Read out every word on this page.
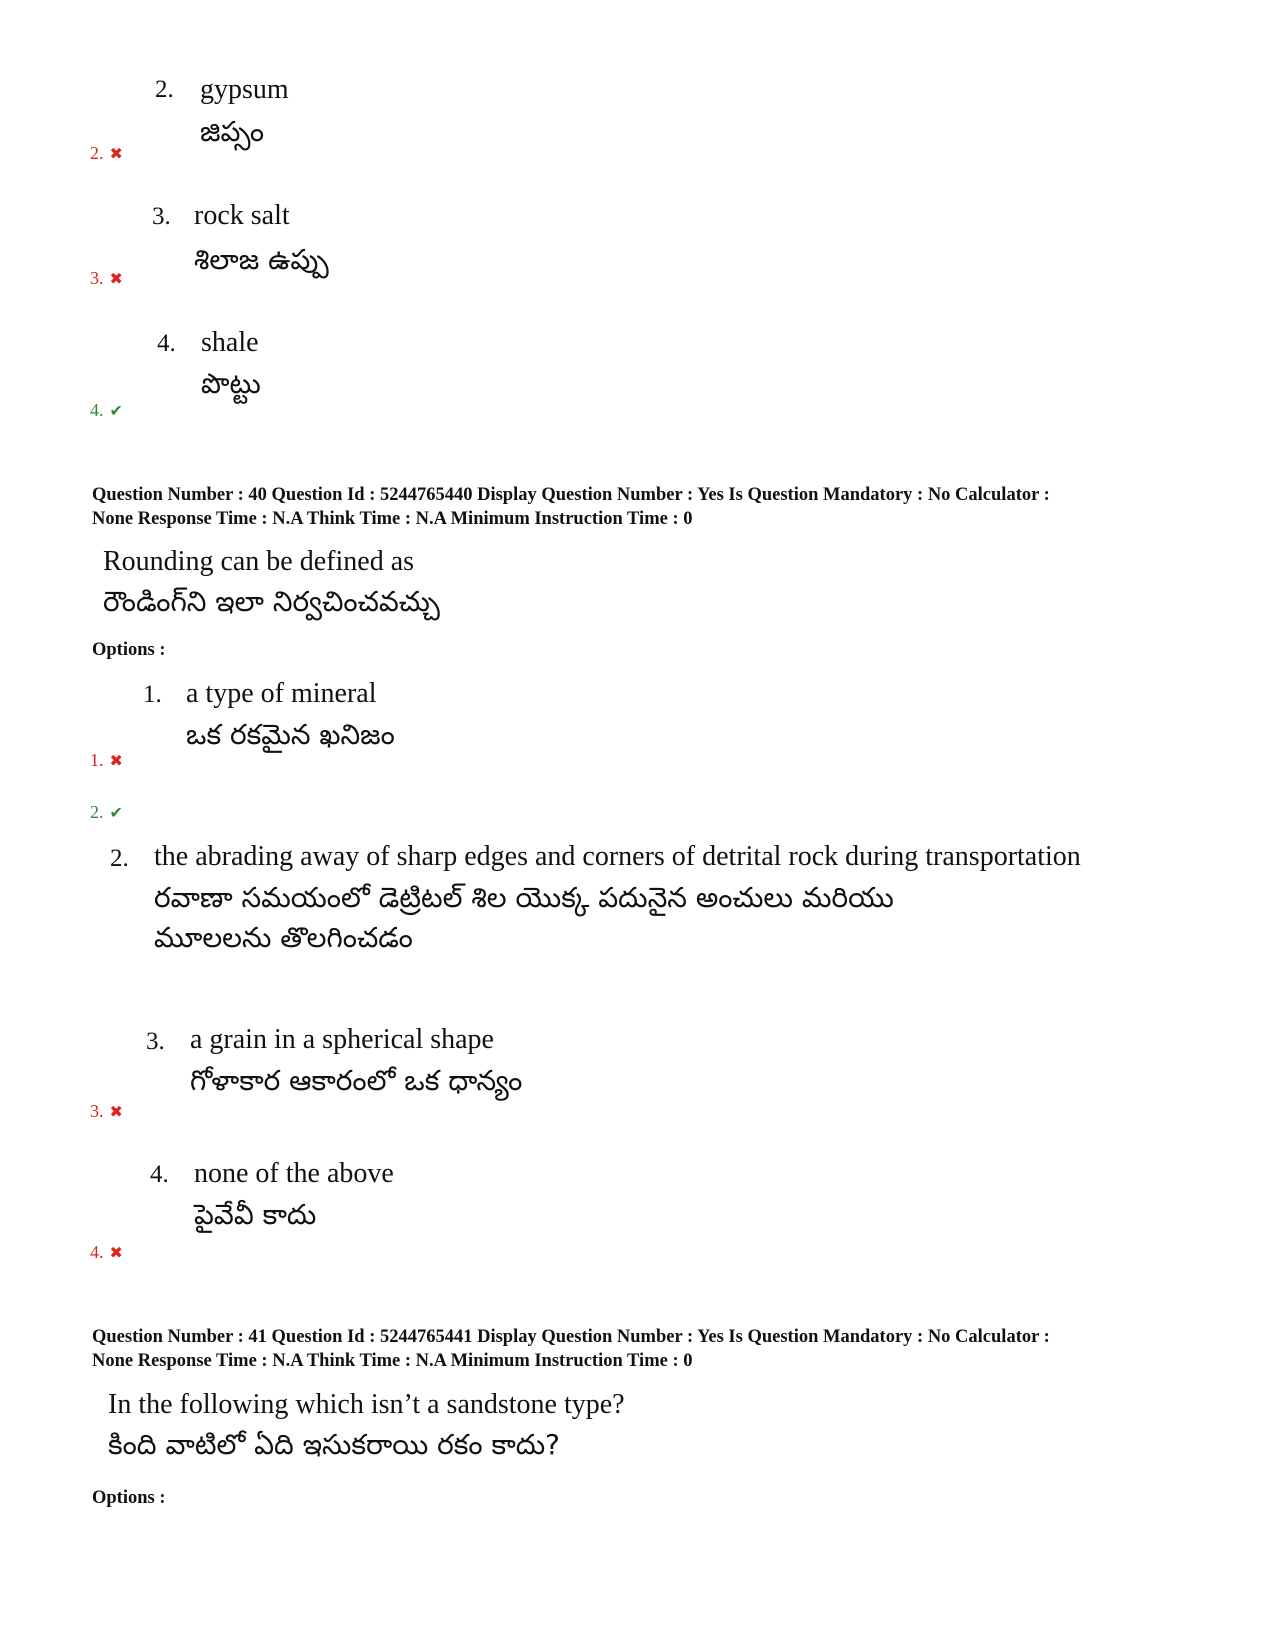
2. gypsum
జిప్సం
2. ✖
3. rock salt
శిలాజ ఉప్పు
3. ✖
4. shale
పొట్టు
4. ✔
Question Number : 40 Question Id : 5244765440 Display Question Number : Yes Is Question Mandatory : No Calculator :
None Response Time : N.A Think Time : N.A Minimum Instruction Time : 0
Rounding can be defined as
రౌండింగ్‌ని ఇలా నిర్వచించవచ్చు
Options :
1. a type of mineral
ఒక రకమైన ఖనిజం
1. ✖
2. ✔
2. the abrading away of sharp edges and corners of detrital rock during transportation
రవాణా సమయంలో డెట్రిటల్ శిల యొక్క పదునైన అంచులు మరియు
మూలలను తొలగించడం
3. a grain in a spherical shape
గోళాకార ఆకారంలో ఒక ధాన్యం
3. ✖
4. none of the above
పైవేవీ కాదు
4. ✖
Question Number : 41 Question Id : 5244765441 Display Question Number : Yes Is Question Mandatory : No Calculator :
None Response Time : N.A Think Time : N.A Minimum Instruction Time : 0
In the following which isn’t a sandstone type?
కింది వాటిలో ఏది ఇసుకరాయి రకం కాదు?
Options :
